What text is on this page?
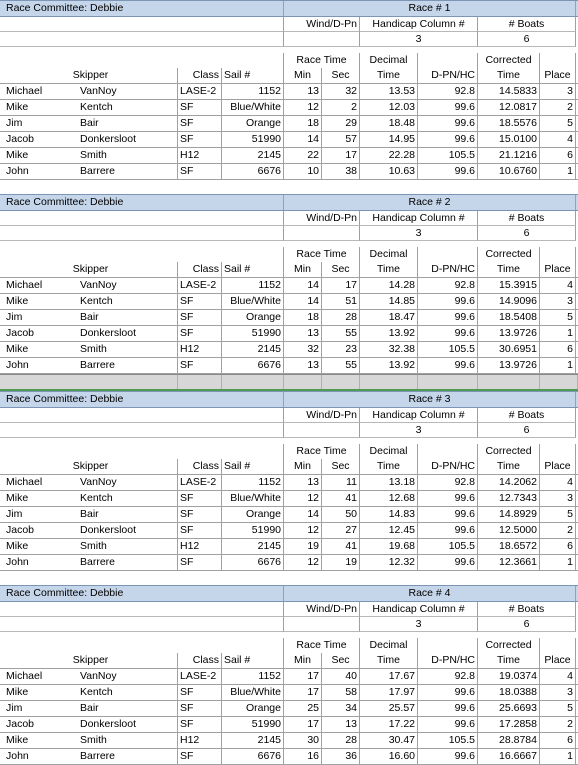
Race Committee: Debbie	Race # 1
Wind/D-Pn	Handicap Column #	# Boats
3	6
Race Time	Decimal	Corrected
Skipper	Class Sail #	Min	Sec	Time	D-PN/HC	Time	Place
Michael	VanNoy	LASE-2	1152	13	32	13.53	92.8	14.5833	3
Mike	Kentch	SF	Blue/White	12	2	12.03	99.6	12.0817	2
Jim	Bair	SF	Orange	18	29	18.48	99.6	18.5576	5
Jacob	Donkersloot	SF	51990	14	57	14.95	99.6	15.0100	4
Mike	Smith	H12	2145	22	17	22.28	105.5	21.1216	6
John	Barrere	SF	6676	10	38	10.63	99.6	10.6760	1
Race Committee: Debbie	Race # 2
Wind/D-Pn	Handicap Column #	# Boats
3	6
Race Time	Decimal	Corrected
Skipper	Class Sail #	Min	Sec	Time	D-PN/HC	Time	Place
Michael	VanNoy	LASE-2	1152	14	17	14.28	92.8	15.3915	4
Mike	Kentch	SF	Blue/White	14	51	14.85	99.6	14.9096	3
Jim	Bair	SF	Orange	18	28	18.47	99.6	18.5408	5
Jacob	Donkersloot	SF	51990	13	55	13.92	99.6	13.9726	1
Mike	Smith	H12	2145	32	23	32.38	105.5	30.6951	6
John	Barrere	SF	6676	13	55	13.92	99.6	13.9726	1
Race Committee: Debbie	Race # 3
Wind/D-Pn	Handicap Column #	# Boats
3	6
Race Time	Decimal	Corrected
Skipper	Class Sail #	Min	Sec	Time	D-PN/HC	Time	Place
Michael	VanNoy	LASE-2	1152	13	11	13.18	92.8	14.2062	4
Mike	Kentch	SF	Blue/White	12	41	12.68	99.6	12.7343	3
Jim	Bair	SF	Orange	14	50	14.83	99.6	14.8929	5
Jacob	Donkersloot	SF	51990	12	27	12.45	99.6	12.5000	2
Mike	Smith	H12	2145	19	41	19.68	105.5	18.6572	6
John	Barrere	SF	6676	12	19	12.32	99.6	12.3661	1
Race Committee: Debbie	Race # 4
Wind/D-Pn	Handicap Column #	# Boats
3	6
Race Time	Decimal	Corrected
Skipper	Class Sail #	Min	Sec	Time	D-PN/HC	Time	Place
Michael	VanNoy	LASE-2	1152	17	40	17.67	92.8	19.0374	4
Mike	Kentch	SF	Blue/White	17	58	17.97	99.6	18.0388	3
Jim	Bair	SF	Orange	25	34	25.57	99.6	25.6693	5
Jacob	Donkersloot	SF	51990	17	13	17.22	99.6	17.2858	2
Mike	Smith	H12	2145	30	28	30.47	105.5	28.8784	6
John	Barrere	SF	6676	16	36	16.60	99.6	16.6667	1
